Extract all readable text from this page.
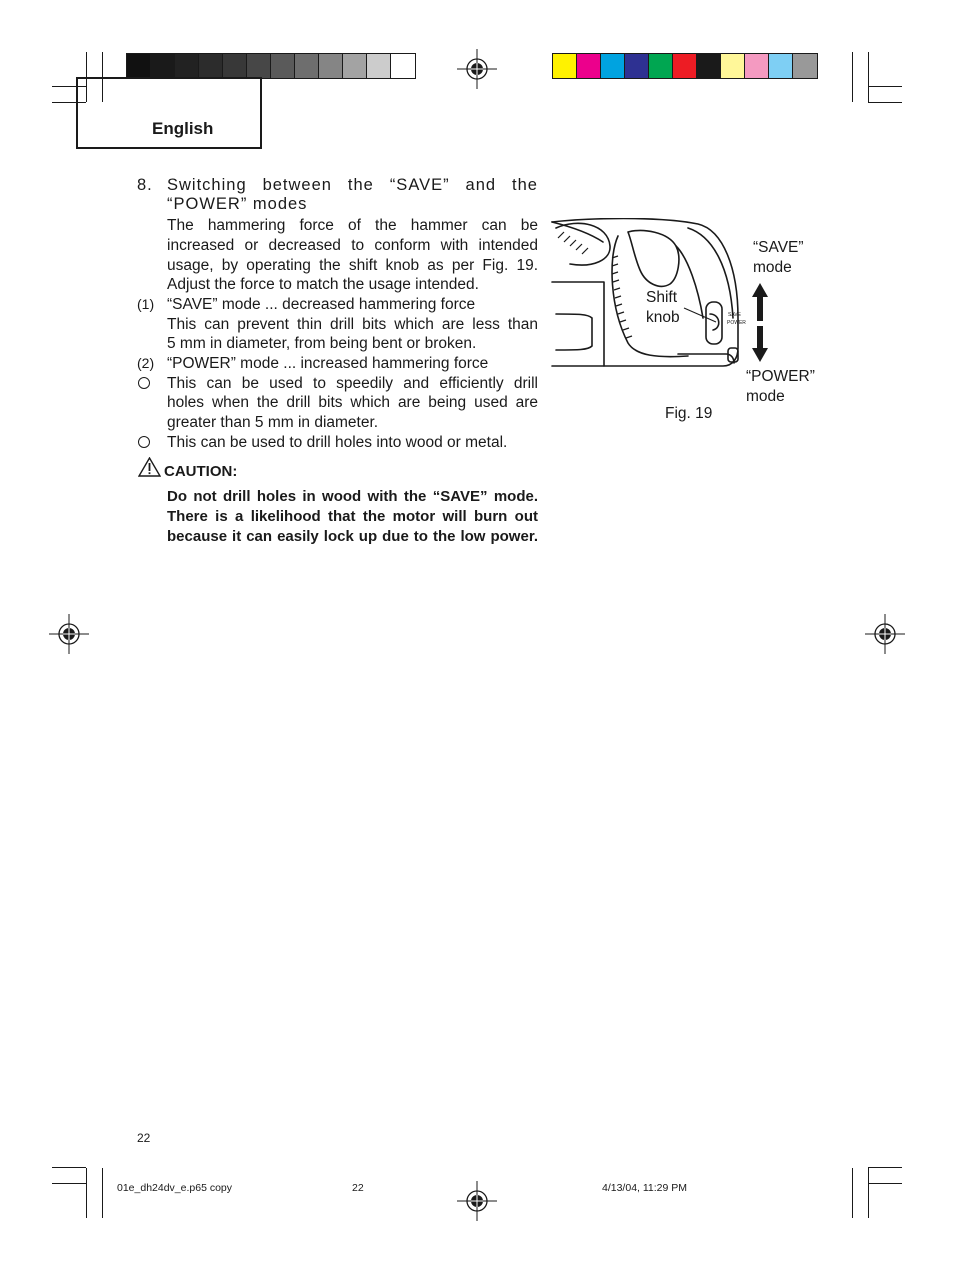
English
8. Switching between the “SAVE” and the
“POWER” modes
The hammering force of the hammer can be
increased or decreased to conform with intended
usage, by operating the shift knob as per Fig. 19.
Adjust the force to match the usage intended.
(1) “SAVE” mode ... decreased hammering force
This can prevent thin drill bits which are less than
5 mm in diameter, from being bent or broken.
(2) “POWER” mode ... increased hammering force
This can be used to speedily and efficiently drill
holes when the drill bits which are being used are
greater than 5 mm in diameter.
This can be used to drill holes into wood or metal.
CAUTION:
Do not drill holes in wood with the “SAVE” mode.
There is a likelihood that the motor will burn out
because it can easily lock up due to the low power.
SAVE
POWER
Shift
knob
“SAVE”
mode
“POWER”
mode
Fig. 19
22
01e_dh24dv_e.p65 copy	22	4/13/04, 11:29 PM
